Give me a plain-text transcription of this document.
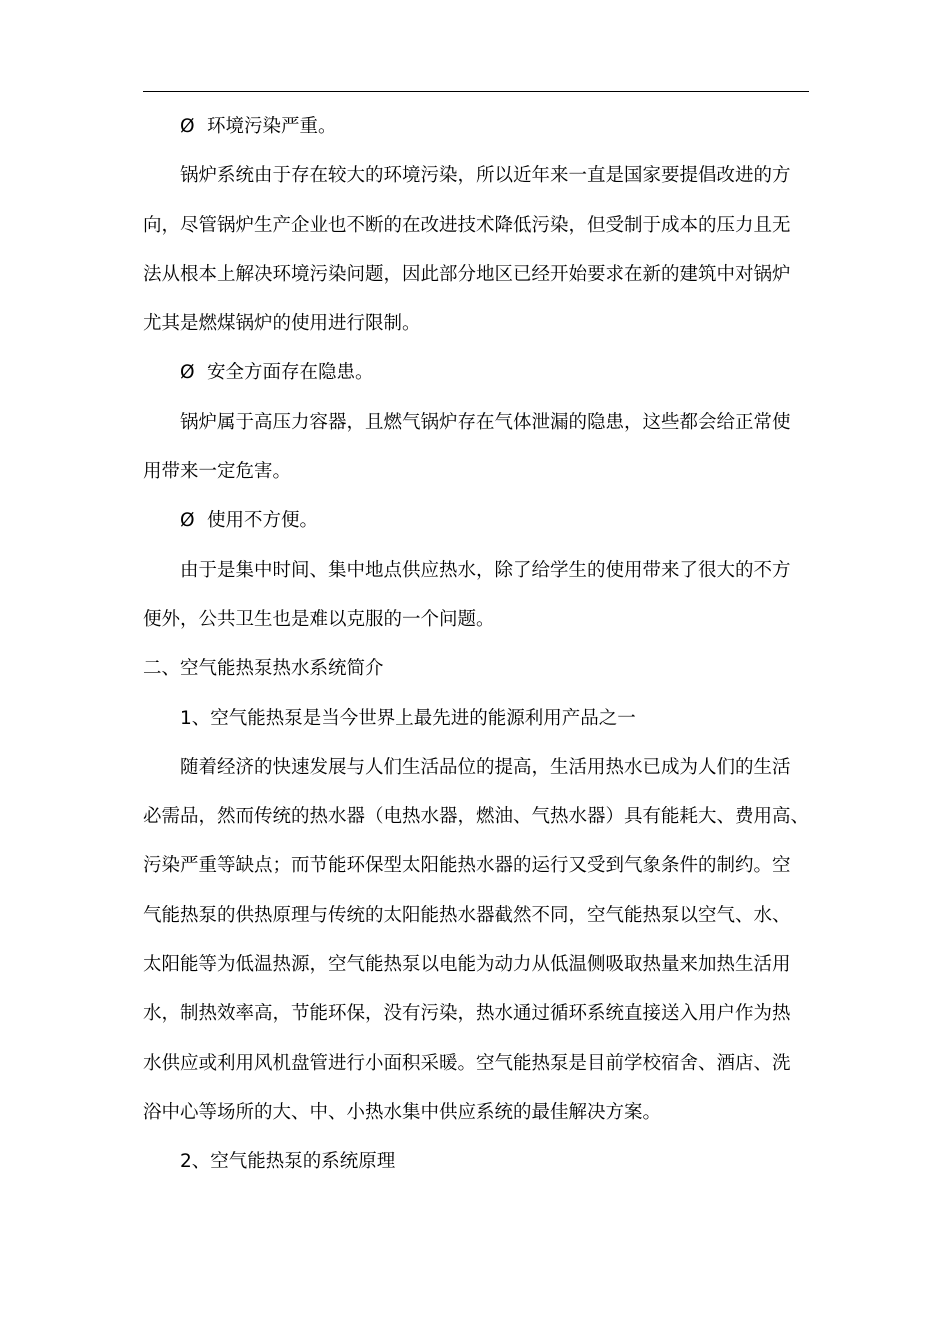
Ø 环境污染严重。

锅炉系统由于存在较大的环境污染，所以近年来一直是国家要提倡改进的方

向，尽管锅炉生产企业也不断的在改进技术降低污染，但受制于成本的压力且无

法从根本上解决环境污染问题，因此部分地区已经开始要求在新的建筑中对锅炉

尤其是燃煤锅炉的使用进行限制。

Ø 安全方面存在隐患。

锅炉属于高压力容器，且燃气锅炉存在气体泄漏的隐患，这些都会给正常使

用带来一定危害。

Ø 使用不方便。

由于是集中时间、集中地点供应热水，除了给学生的使用带来了很大的不方

便外，公共卫生也是难以克服的一个问题。

二、空气能热泵热水系统简介

1、空气能热泵是当今世界上最先进的能源利用产品之一

随着经济的快速发展与人们生活品位的提高，生活用热水已成为人们的生活

必需品，然而传统的热水器（电热水器，燃油、气热水器）具有能耗大、费用高、

污染严重等缺点；而节能环保型太阳能热水器的运行又受到气象条件的制约。空

气能热泵的供热原理与传统的太阳能热水器截然不同，空气能热泵以空气、水、

太阳能等为低温热源，空气能热泵以电能为动力从低温侧吸取热量来加热生活用

水，制热效率高，节能环保，没有污染，热水通过循环系统直接送入用户作为热

水供应或利用风机盘管进行小面积采暖。空气能热泵是目前学校宿舍、酒店、洗

浴中心等场所的大、中、小热水集中供应系统的最佳解决方案。

2、空气能热泵的系统原理
